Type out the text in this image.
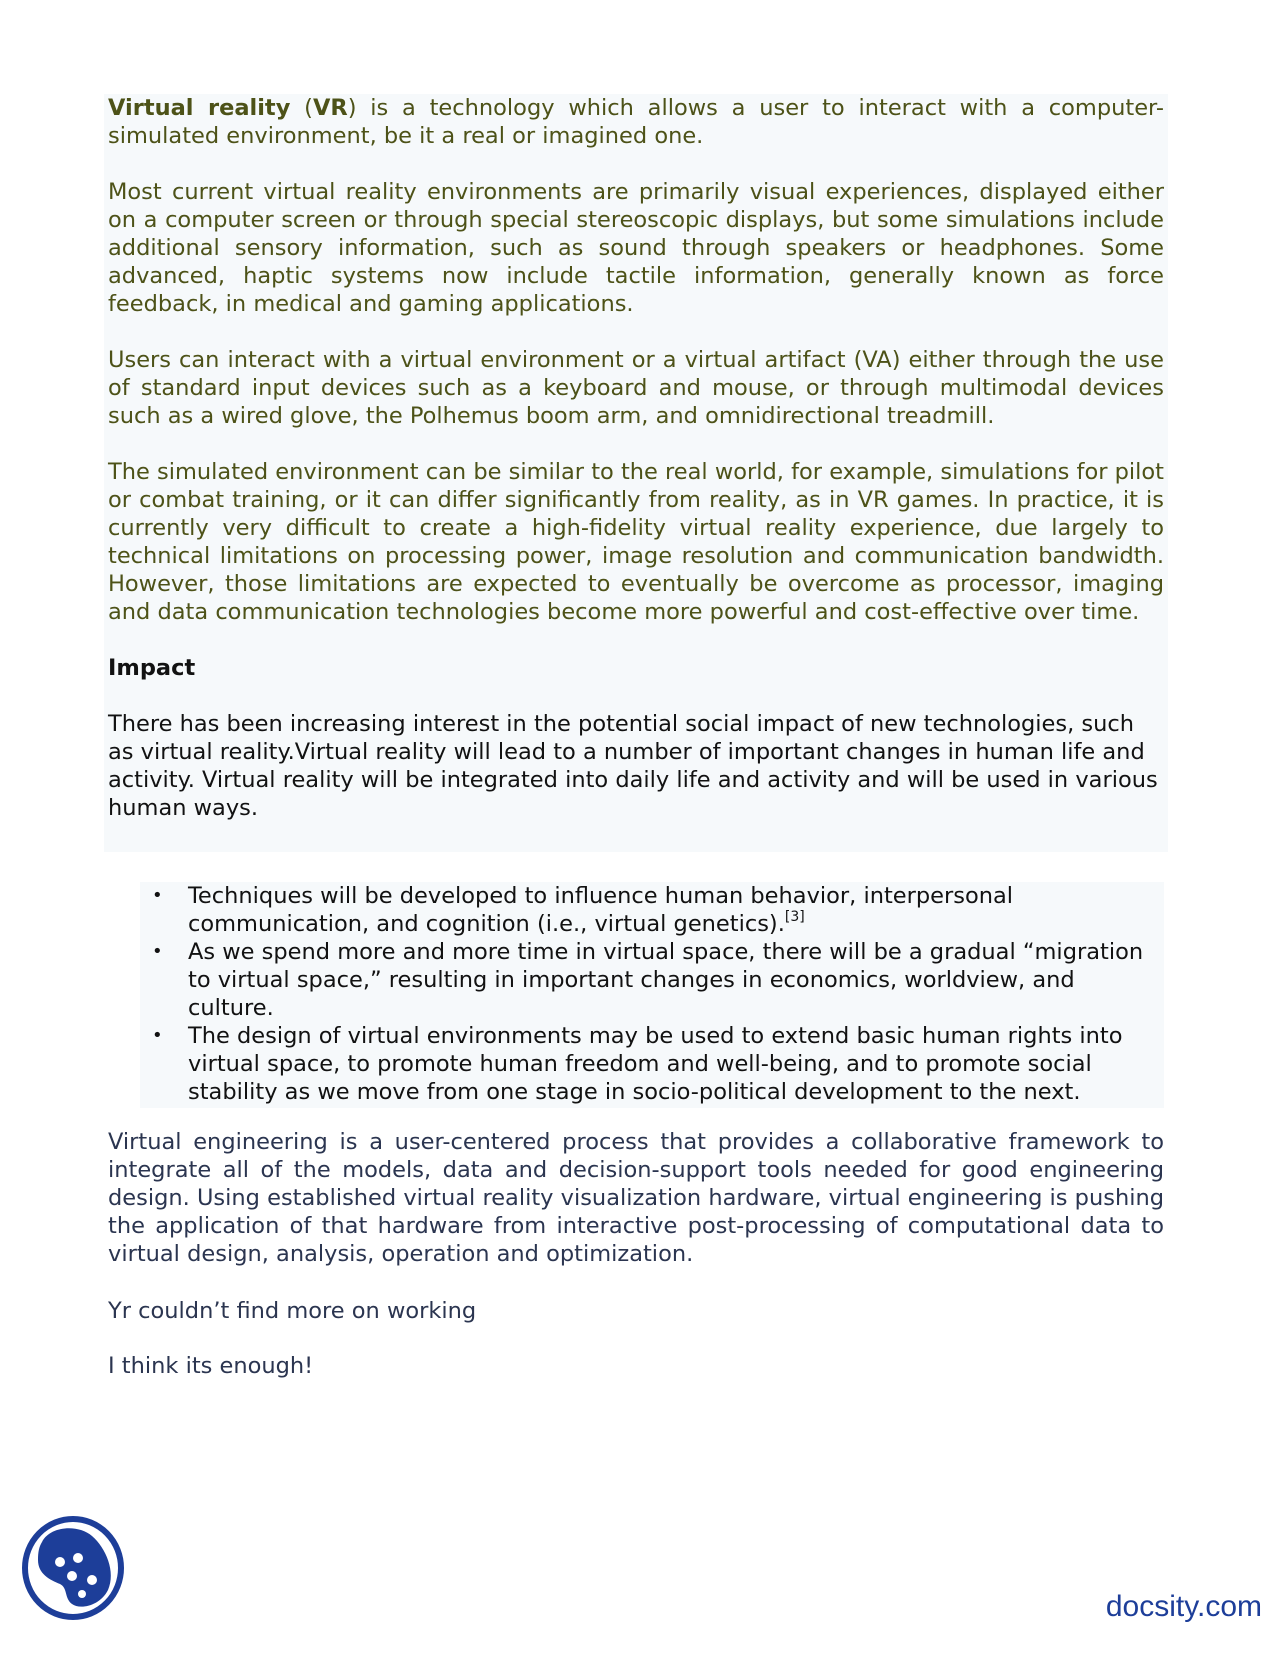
Virtual reality (VR) is a technology which allows a user to interact with a computer-simulated environment, be it a real or imagined one.

Most current virtual reality environments are primarily visual experiences, displayed either on a computer screen or through special stereoscopic displays, but some simulations include additional sensory information, such as sound through speakers or headphones. Some advanced, haptic systems now include tactile information, generally known as force feedback, in medical and gaming applications.

Users can interact with a virtual environment or a virtual artifact (VA) either through the use of standard input devices such as a keyboard and mouse, or through multimodal devices such as a wired glove, the Polhemus boom arm, and omnidirectional treadmill.

The simulated environment can be similar to the real world, for example, simulations for pilot or combat training, or it can differ significantly from reality, as in VR games. In practice, it is currently very difficult to create a high-fidelity virtual reality experience, due largely to technical limitations on processing power, image resolution and communication bandwidth. However, those limitations are expected to eventually be overcome as processor, imaging and data communication technologies become more powerful and cost-effective over time.

Impact

There has been increasing interest in the potential social impact of new technologies, such as virtual reality.Virtual reality will lead to a number of important changes in human life and activity. Virtual reality will be integrated into daily life and activity and will be used in various human ways.

• Techniques will be developed to influence human behavior, interpersonal communication, and cognition (i.e., virtual genetics).[3]
• As we spend more and more time in virtual space, there will be a gradual “migration to virtual space,” resulting in important changes in economics, worldview, and culture.
• The design of virtual environments may be used to extend basic human rights into virtual space, to promote human freedom and well-being, and to promote social stability as we move from one stage in socio-political development to the next.
Virtual engineering is a user-centered process that provides a collaborative framework to integrate all of the models, data and decision-support tools needed for good engineering design. Using established virtual reality visualization hardware, virtual engineering is pushing the application of that hardware from interactive post-processing of computational data to virtual design, analysis, operation and optimization.
Yr couldn’t find more on working
I think its enough!
docsity.com
